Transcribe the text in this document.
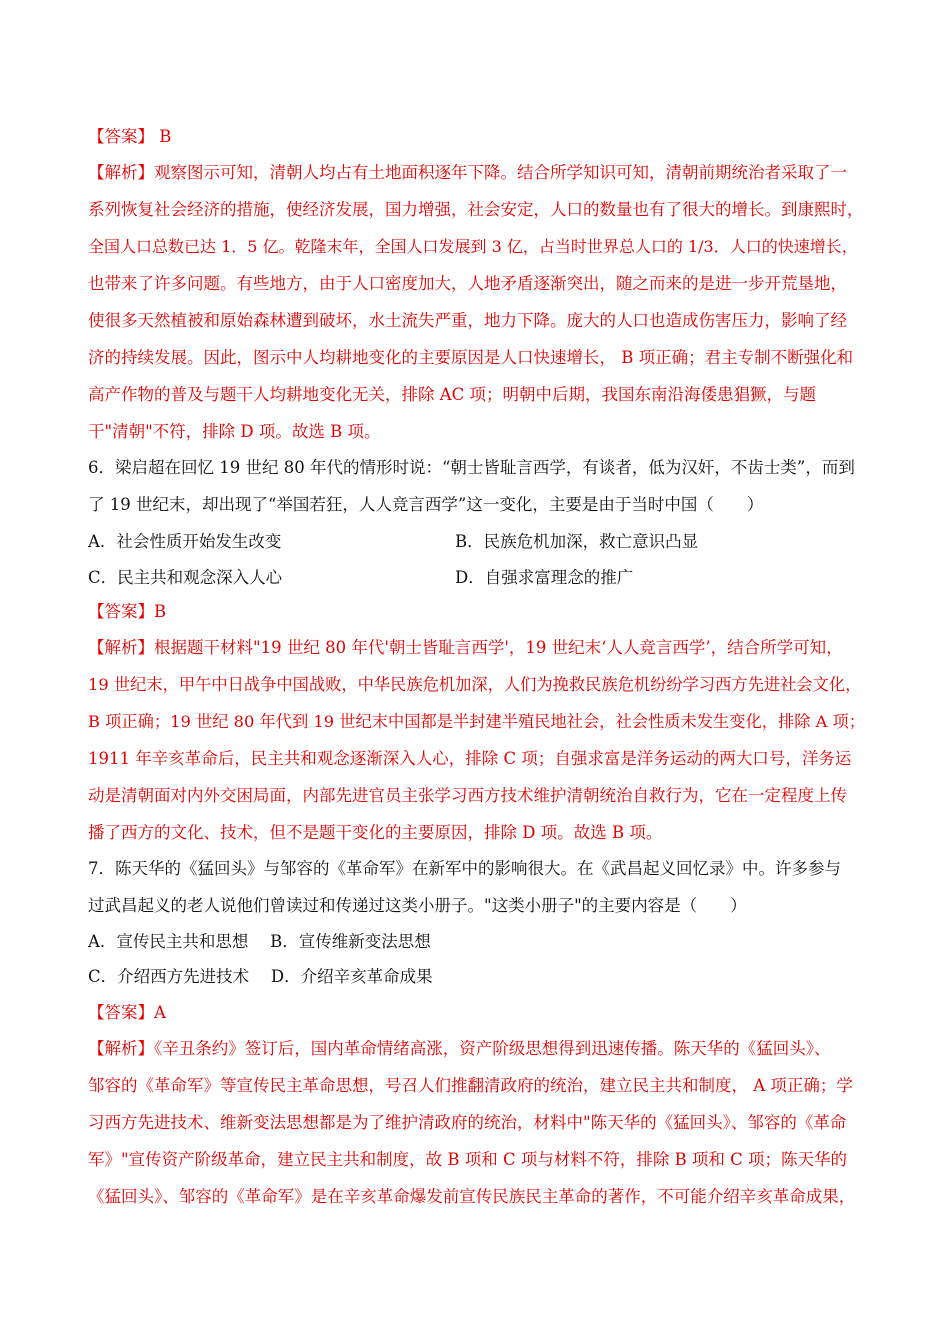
【答案】 B
【解析】观察图示可知，清朝人均占有土地面积逐年下降。结合所学知识可知，清朝前期统治者采取了一
系列恢复社会经济的措施，使经济发展，国力增强，社会安定，人口的数量也有了很大的增长。到康熙时，
全国人口总数已达 1．5 亿。乾隆末年，全国人口发展到 3 亿，占当时世界总人口的 1/3．人口的快速增长，
也带来了许多问题。有些地方，由于人口密度加大，人地矛盾逐渐突出，随之而来的是进一步开荒垦地，
使很多天然植被和原始森林遭到破坏，水土流失严重，地力下降。庞大的人口也造成伤害压力，影响了经
济的持续发展。因此，图示中人均耕地变化的主要原因是人口快速增长， B 项正确；君主专制不断强化和
高产作物的普及与题干人均耕地变化无关，排除 AC 项；明朝中后期，我国东南沿海倭患猖獗，与题
干"清朝"不符，排除 D 项。故选 B 项。
6．梁启超在回忆 19 世纪 80 年代的情形时说：“朝士皆耻言西学，有谈者，低为汉奸，不齿士类”，而到
了 19 世纪末，却出现了“举国若狂，人人竞言西学”这一变化，主要是由于当时中国（　　）
A．社会性质开始发生改变	B．民族危机加深，救亡意识凸显
C．民主共和观念深入人心	D．自强求富理念的推广
【答案】B
【解析】根据题干材料"19 世纪 80 年代'朝士皆耻言西学'，19 世纪末‘人人竞言西学’，结合所学可知，
19 世纪末，甲午中日战争中国战败，中华民族危机加深，人们为挽救民族危机纷纷学习西方先进社会文化，
B 项正确；19 世纪 80 年代到 19 世纪末中国都是半封建半殖民地社会，社会性质未发生变化，排除 A 项；
1911 年辛亥革命后，民主共和观念逐渐深入人心，排除 C 项；自强求富是洋务运动的两大口号，洋务运
动是清朝面对内外交困局面，内部先进官员主张学习西方技术维护清朝统治自救行为，它在一定程度上传
播了西方的文化、技术，但不是题干变化的主要原因，排除 D 项。故选 B 项。
7．陈天华的《猛回头》与邹容的《革命军》在新军中的影响很大。在《武昌起义回忆录》中。许多参与
过武昌起义的老人说他们曾读过和传递过这类小册子。"这类小册子"的主要内容是（　　）
A．宣传民主共和思想　 B．宣传维新变法思想
C．介绍西方先进技术　 D．介绍辛亥革命成果
【答案】A
【解析】《辛丑条约》签订后，国内革命情绪高涨，资产阶级思想得到迅速传播。陈天华的《猛回头》、
邹容的《革命军》等宣传民主革命思想，号召人们推翻清政府的统治，建立民主共和制度， A 项正确；学
习西方先进技术、维新变法思想都是为了维护清政府的统治，材料中"陈天华的《猛回头》、邹容的《革命
军》"宣传资产阶级革命，建立民主共和制度，故 B 项和 C 项与材料不符，排除 B 项和 C 项；陈天华的
《猛回头》、邹容的《革命军》是在辛亥革命爆发前宣传民族民主革命的著作，不可能介绍辛亥革命成果，
